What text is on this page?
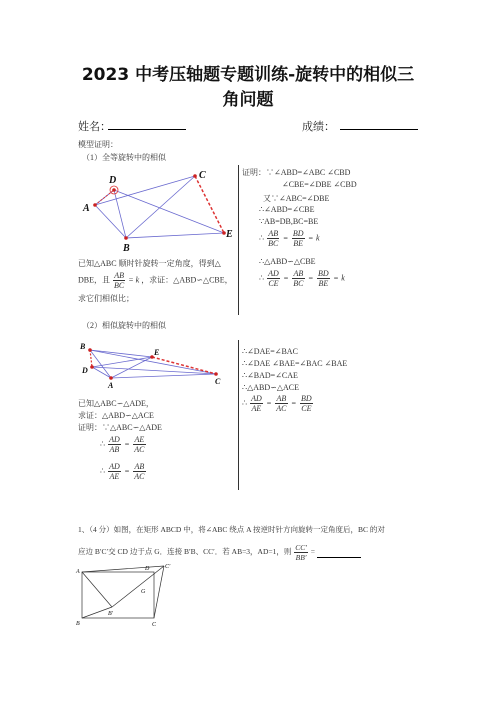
2023 中考压轴题专题训练-旋转中的相似三
角问题
姓名：	成绩：
模型证明：
（1）全等旋转中的相似
A
D
B
C
E
已知△ABC 顺时针旋转一定角度，得到△
DBE，且 $\frac{AB}{BC} = k$ ，求证：△ABD∽△CBE，
求它们相似比；
证明：∵∠ABD=∠ABC ∠CBD
∠CBE=∠DBE ∠CBD
又∵∠ABC=∠DBE
∴∠ABD=∠CBE
∵AB=DB,BC=BE
∴ $\frac{AB}{BC} = \frac{BD}{BE} = k$
∴△ABD∽△CBE
∴ $\frac{AD}{CE} = \frac{AB}{BC} = \frac{BD}{BE} = k$
（2）相似旋转中的相似
B
D
A
E
C
已知△ABC∽△ADE，
求证：△ABD∽△ACE
证明：∵△ABC∽△ADE
∴ $\frac{AD}{AB} = \frac{AE}{AC}$
∴ $\frac{AD}{AE} = \frac{AB}{AC}$
∴∠DAE=∠BAC
∴∠DAE ∠BAE=∠BAC ∠BAE
∴∠BAD=∠CAE
∴△ABD∽△ACE
∴ $\frac{AD}{AE} = \frac{AB}{AC} = \frac{BD}{CE}$
1、（4 分）如图，在矩形 ABCD 中，将∠ABC 绕点 A 按逆时针方向旋转一定角度后，BC 的对
应边 B′C′交 CD 边于点 G．连接 B′B、CC′．若 AB=3，AD=1，则 $\frac{CC'}{BB'}$ =
A	D	C′
G
B′
B	C
